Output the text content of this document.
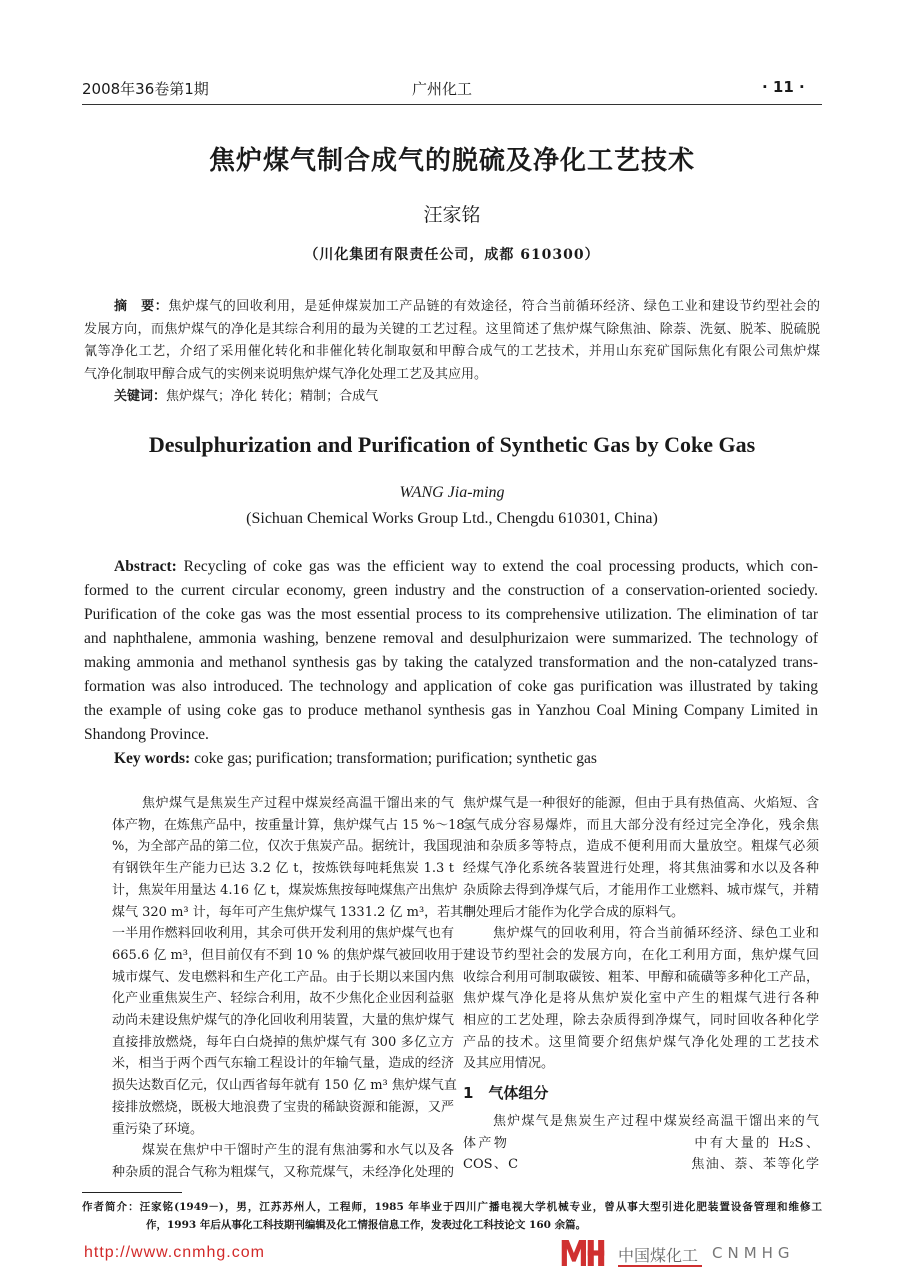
2008年36卷第1期	广州化工	· 11 ·
焦炉煤气制合成气的脱硫及净化工艺技术
汪家铭
（川化集团有限责任公司，成都 610300）
摘　要：焦炉煤气的回收利用，是延伸煤炭加工产品链的有效途径，符合当前循环经济、绿色工业和建设节约型社会的
发展方向，而焦炉煤气的净化是其综合利用的最为关键的工艺过程。这里简述了焦炉煤气除焦油、除萘、洗氨、脱苯、脱硫脱
氰等净化工艺，介绍了采用催化转化和非催化转化制取氨和甲醇合成气的工艺技术，并用山东兖矿国际焦化有限公司焦炉煤
气净化制取甲醇合成气的实例来说明焦炉煤气净化处理工艺及其应用。
关键词：焦炉煤气；净化 转化；精制；合成气
Desulphurization and Purification of Synthetic Gas by Coke Gas
WANG Jia-ming
(Sichuan Chemical Works Group Ltd., Chengdu 610301, China)
Abstract: Recycling of coke gas was the efficient way to extend the coal processing products, which con-
formed to the current circular economy, green industry and the construction of a conservation-oriented sociedy.
Purification of the coke gas was the most essential process to its comprehensive utilization. The elimination of tar
and naphthalene, ammonia washing, benzene removal and desulphurizaion were summarized. The technology of
making ammonia and methanol synthesis gas by taking the catalyzed transformation and the non-catalyzed trans-
formation was also introduced. The technology and application of coke gas purification was illustrated by taking
the example of using coke gas to produce methanol synthesis gas in Yanzhou Coal Mining Company Limited in
Shandong Province.
Key words: coke gas; purification; transformation; purification; synthetic gas
焦炉煤气是焦炭生产过程中煤炭经高温干馏出来的气
体产物，在炼焦产品中，按重量计算，焦炉煤气占 15 %～18
%，为全部产品的第二位，仅次于焦炭产品。据统计，我国现
有钢铁年生产能力已达 3.2 亿 t，按炼铁每吨耗焦炭 1.3 t
计，焦炭年用量达 4.16 亿 t，煤炭炼焦按每吨煤焦产出焦炉
煤气 320 m³ 计，每年可产生焦炉煤气 1331.2 亿 m³，若其中
一半用作燃料回收利用，其余可供开发利用的焦炉煤气也有
665.6 亿 m³，但目前仅有不到 10 % 的焦炉煤气被回收用于
城市煤气、发电燃料和生产化工产品。由于长期以来国内焦
化产业重焦炭生产、轻综合利用，故不少焦化企业因利益驱
动尚未建设焦炉煤气的净化回收利用装置，大量的焦炉煤气
直接排放燃烧，每年白白烧掉的焦炉煤气有 300 多亿立方
米，相当于两个西气东输工程设计的年输气量，造成的经济
损失达数百亿元，仅山西省每年就有 150 亿 m³ 焦炉煤气直
接排放燃烧，既极大地浪费了宝贵的稀缺资源和能源，又严
重污染了环境。
煤炭在焦炉中干馏时产生的混有焦油雾和水气以及各
种杂质的混合气称为粗煤气，又称荒煤气，未经净化处理的
焦炉煤气是一种很好的能源，但由于具有热值高、火焰短、含
氢气成分容易爆炸，而且大部分没有经过完全净化，残余焦
油和杂质多等特点，造成不便利用而大量放空。粗煤气必须
经煤气净化系统各装置进行处理，将其焦油雾和水以及各种
杂质除去得到净煤气后，才能用作工业燃料、城市煤气，并精
制处理后才能作为化学合成的原料气。
焦炉煤气的回收利用，符合当前循环经济、绿色工业和
建设节约型社会的发展方向，在化工利用方面，焦炉煤气回
收综合利用可制取碳铵、粗苯、甲醇和硫磺等多种化工产品，
焦炉煤气净化是将从焦炉炭化室中产生的粗煤气进行各种
相应的工艺处理，除去杂质得到净煤气，同时回收各种化学
产品的技术。这里简要介绍焦炉煤气净化处理的工艺技术
及其应用情况。
1　气体组分
焦炉煤气是焦炭生产过程中煤炭经高温干馏出来的气
体产物　　　　　　　　　　　　中有大量的 H₂S、
COS、C　　　　　　　　　　　　焦油、萘、苯等化学
作者简介：汪家铭(1949－)，男，江苏苏州人，工程师，1985 年毕业于四川广播电视大学机械专业，曾从事大型引进化肥装置设备管理和维修工
作，1993 年后从事化工科技期刊编辑及化工情报信息工作，发表过化工科技论文 160 余篇。
http://www.cnmhg.com	中国煤化工 CNMHG
